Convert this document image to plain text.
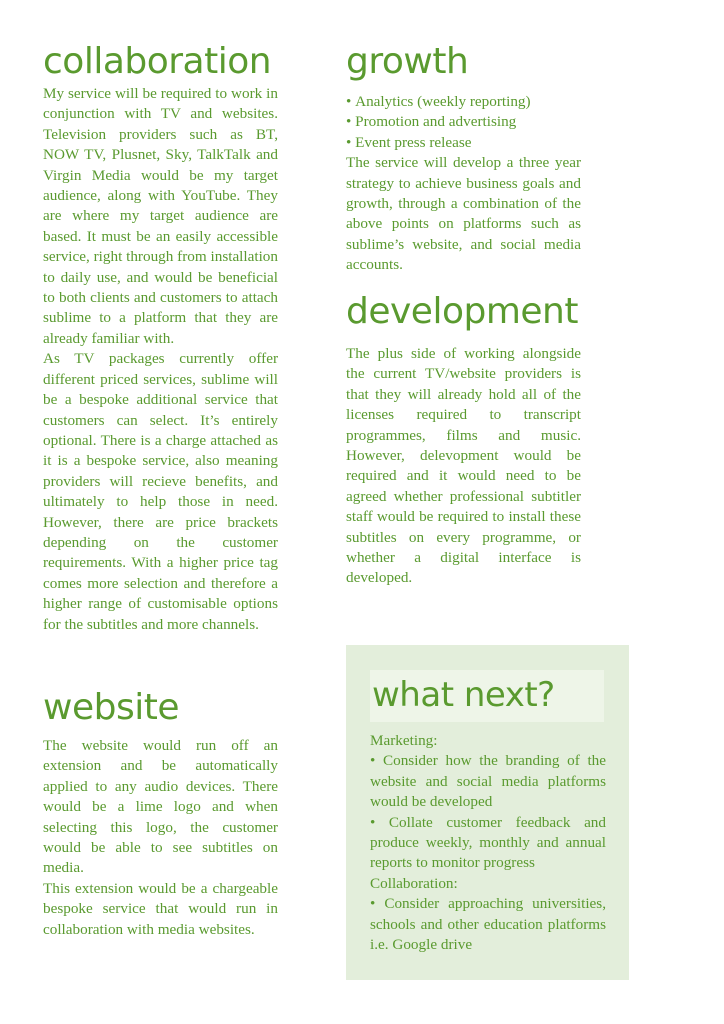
collaboration

My service will be required to work in conjunction with TV and websites. Television providers such as BT, NOW TV, Plusnet, Sky, TalkTalk and Virgin Media would be my target audience, along with YouTube. They are where my target audience are based. It must be an easily accessible service, right through from installation to daily use, and would be beneficial to both clients and customers to attach sublime to a platform that they are already familiar with.

As TV packages currently offer different priced services, sublime will be a bespoke additional service that customers can select. It’s entirely optional. There is a charge attached as it is a bespoke service, also meaning providers will recieve benefits, and ultimately to help those in need. However, there are price brackets depending on the customer requirements. With a higher price tag comes more selection and therefore a higher range of customisable options for the subtitles and more channels.

website

The website would run off an extension and be automatically applied to any audio devices. There would be a lime logo and when selecting this logo, the customer would be able to see subtitles on media.

This extension would be a chargeable bespoke service that would run in collaboration with media websites.

growth
• Analytics (weekly reporting)
• Promotion and advertising
• Event press release

The service will develop a three year strategy to achieve business goals and growth, through a combination of the above points on platforms such as sublime’s website, and social media accounts.

development

The plus side of working alongside the current TV/website providers is that they will already hold all of the licenses required to transcript programmes, films and music. However, delevopment would be required and it would need to be agreed whether professional subtitler staff would be required to install these subtitles on every programme, or whether a digital interface is developed.

what next?

Marketing:

• Consider how the branding of the website and social media platforms would be developed
• Collate customer feedback and produce weekly, monthly and annual reports to monitor progress

Collaboration:

• Consider approaching universities, schools and other education platforms i.e. Google drive
